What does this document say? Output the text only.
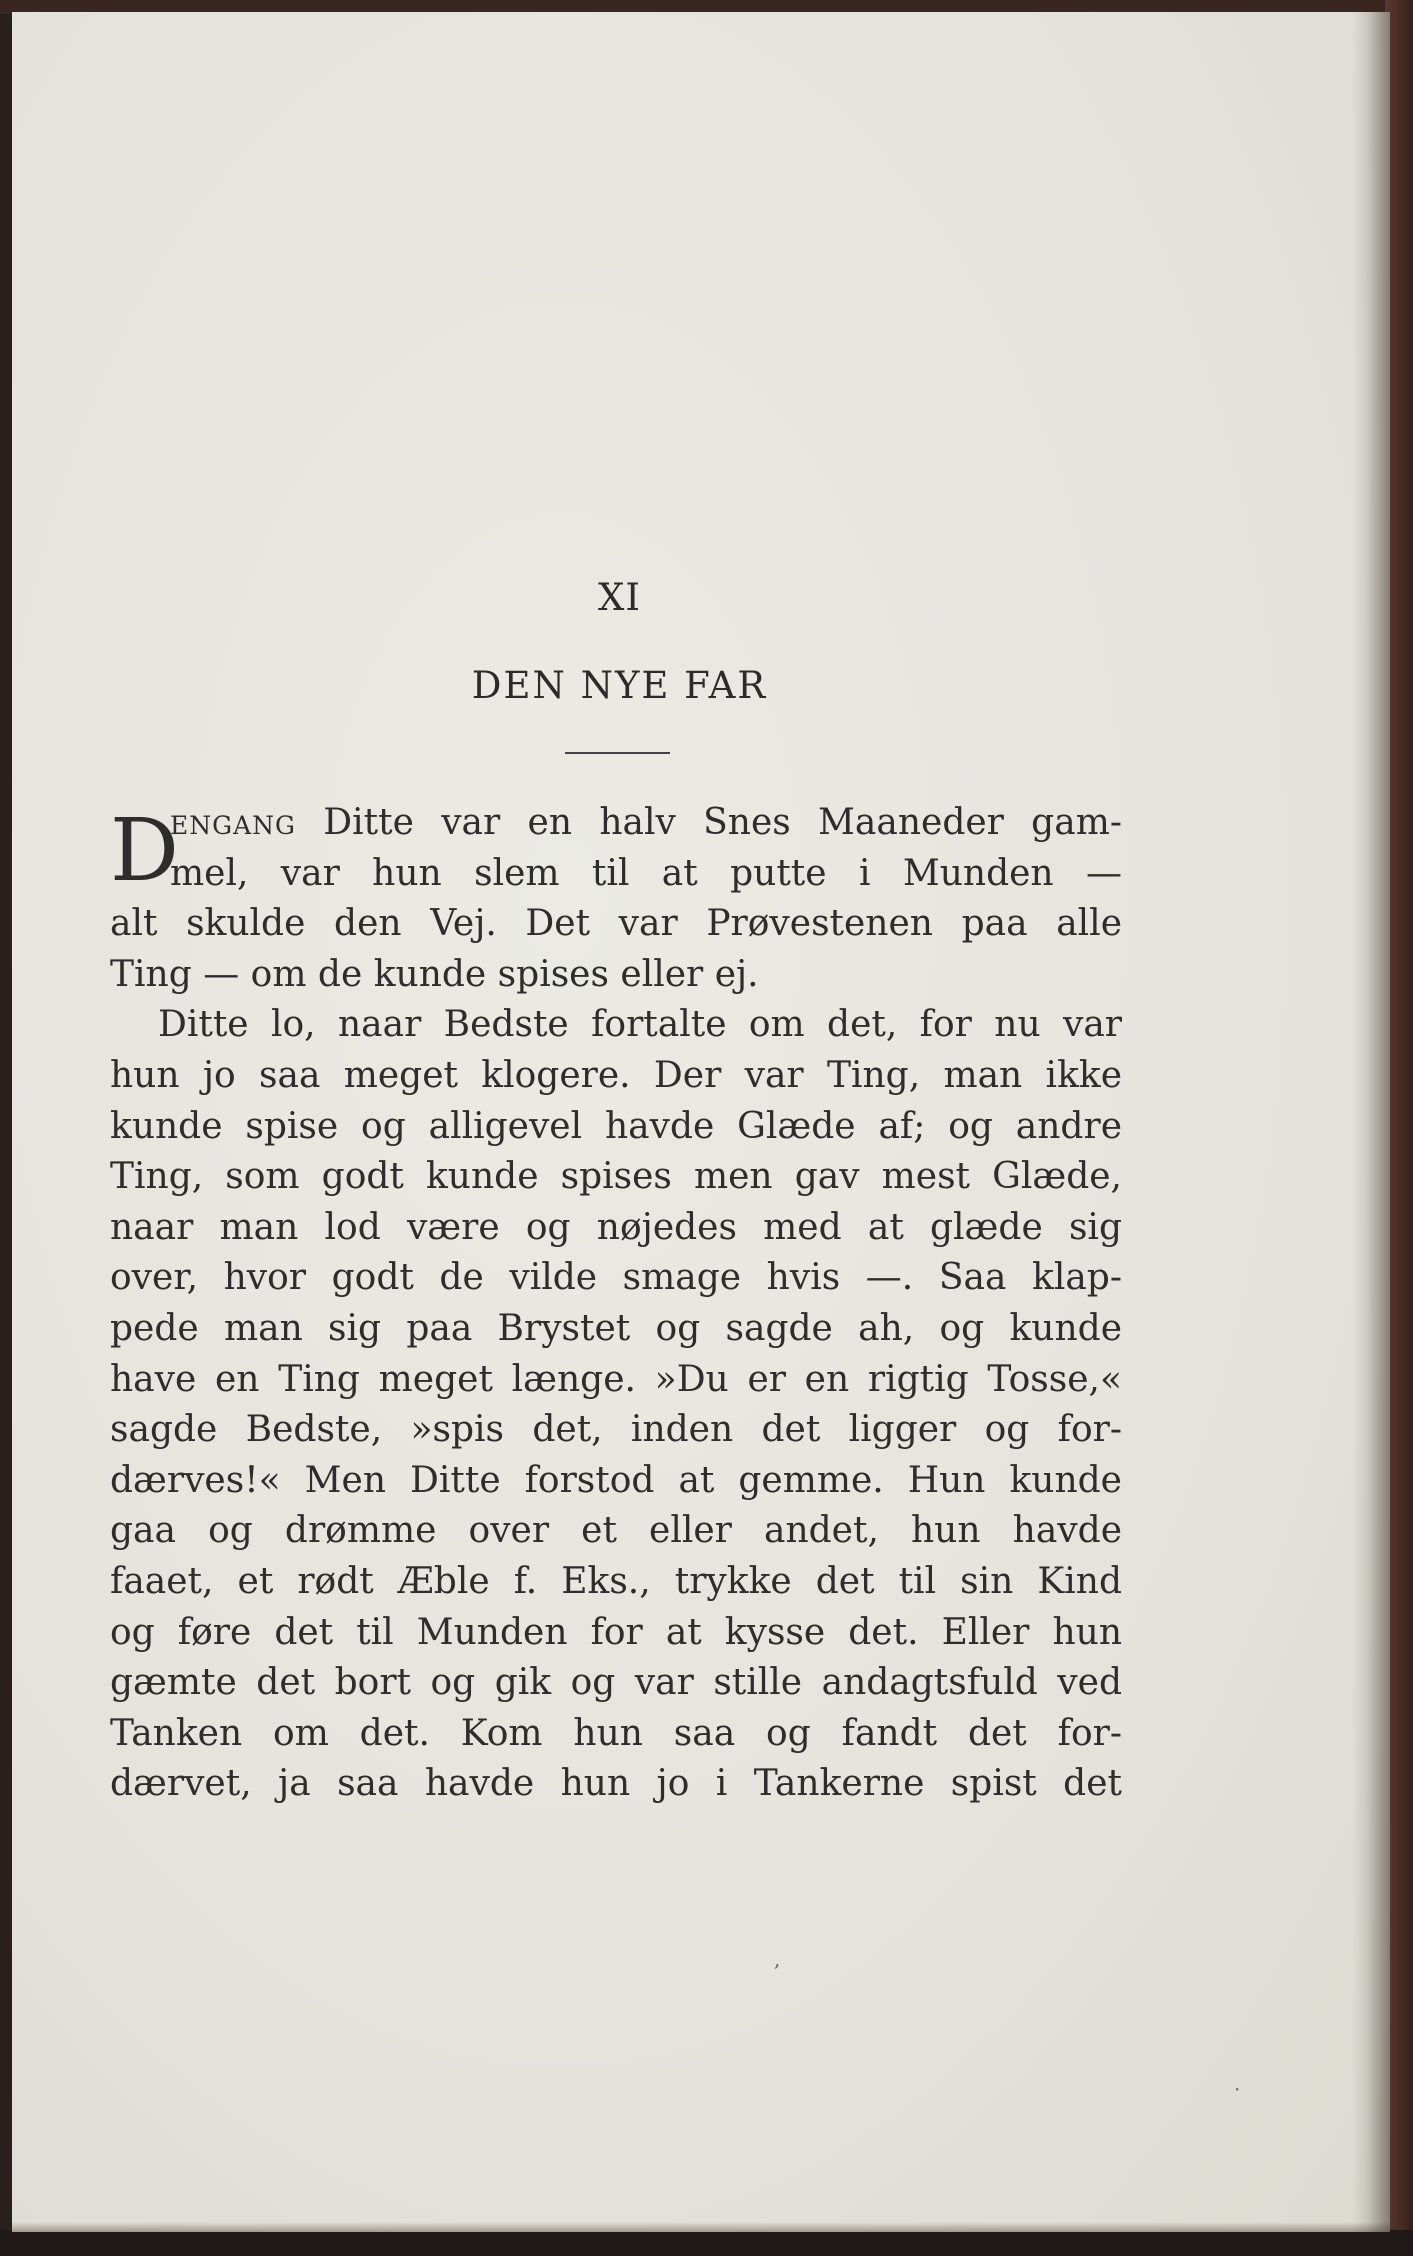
XI
DEN NYE FAR
D
ENGANG Ditte var en halv Snes Maaneder gam-
mel, var hun slem til at putte i Munden —
alt skulde den Vej. Det var Prøvestenen paa alle
Ting — om de kunde spises eller ej.
Ditte lo, naar Bedste fortalte om det, for nu var
hun jo saa meget klogere. Der var Ting, man ikke
kunde spise og alligevel havde Glæde af; og andre
Ting, som godt kunde spises men gav mest Glæde,
naar man lod være og nøjedes med at glæde sig
over, hvor godt de vilde smage hvis —. Saa klap-
pede man sig paa Brystet og sagde ah, og kunde
have en Ting meget længe. »Du er en rigtig Tosse,«
sagde Bedste, »spis det, inden det ligger og for-
dærves!« Men Ditte forstod at gemme. Hun kunde
gaa og drømme over et eller andet, hun havde
faaet, et rødt Æble f. Eks., trykke det til sin Kind
og føre det til Munden for at kysse det. Eller hun
gæmte det bort og gik og var stille andagtsfuld ved
Tanken om det. Kom hun saa og fandt det for-
dærvet, ja saa havde hun jo i Tankerne spist det
,
·
